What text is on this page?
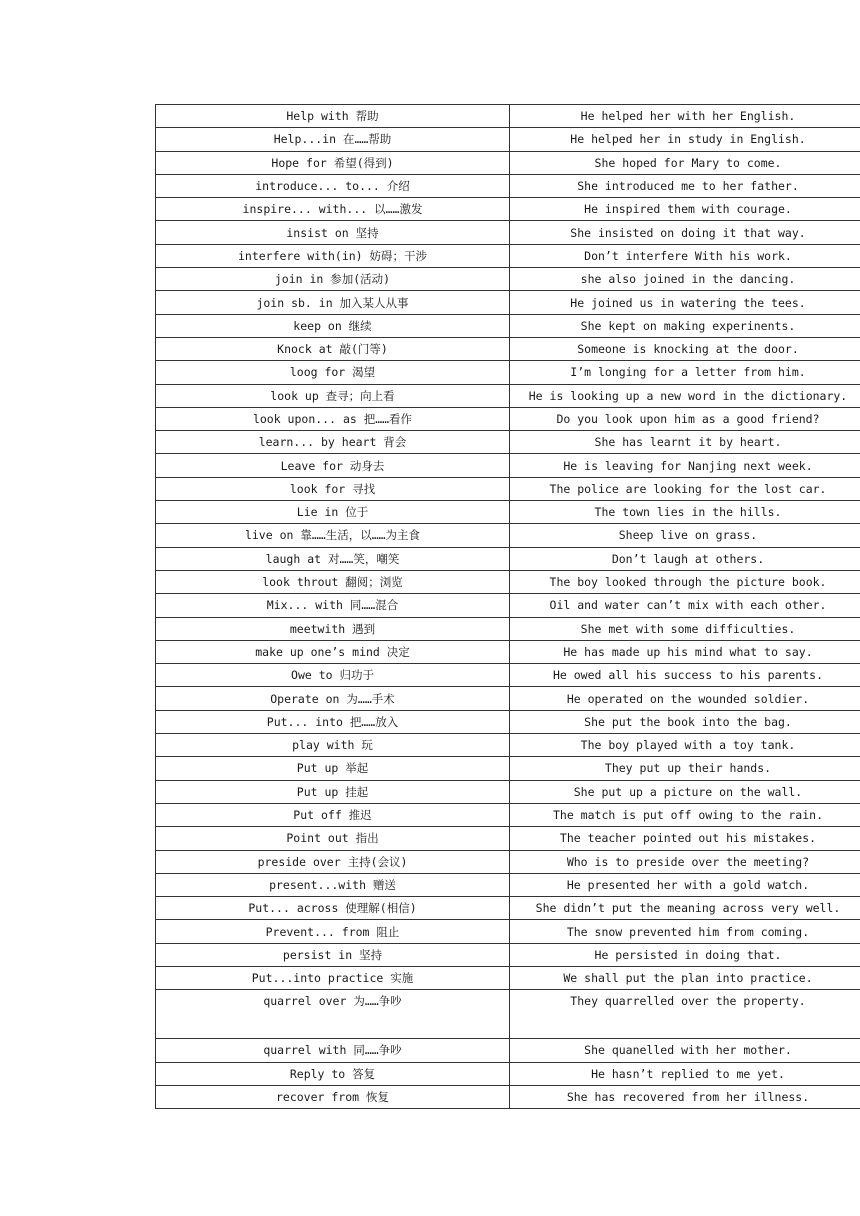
Help with 帮助	He helped her with her English.
Help...in 在……帮助	He helped her in study in English.
Hope for 希望(得到)	She hoped for Mary to come.
introduce... to... 介绍	She introduced me to her father.
inspire... with... 以……激发	He inspired them with courage.
insist on 坚持	She insisted on doing it that way.
interfere with(in) 妨碍；干涉	Don’t interfere With his work.
join in 参加(活动)	she also joined in the dancing.
join sb. in 加入某人从事	He joined us in watering the tees.
keep on 继续	She kept on making experinents.
Knock at 敲(门等)	Someone is knocking at the door.
loog for 渴望	I’m longing for a letter from him.
look up 查寻；向上看	He is looking up a new word in the dictionary.
look upon... as 把……看作	Do you look upon him as a good friend?
learn... by heart 背会	She has learnt it by heart.
Leave for 动身去	He is leaving for Nanjing next week.
look for 寻找	The police are looking for the lost car.
Lie in 位于	The town lies in the hills.
live on 靠……生活，以……为主食	Sheep live on grass.
laugh at 对……笑，嘲笑	Don’t laugh at others.
look throut 翻阅；浏览	The boy looked through the picture book.
Mix... with 同……混合	Oil and water can’t mix with each other.
meetwith 遇到	She met with some difficulties.
make up one’s mind 决定	He has made up his mind what to say.
Owe to 归功于	He owed all his success to his parents.
Operate on 为……手术	He operated on the wounded soldier.
Put... into 把……放入	She put the book into the bag.
play with 玩	The boy played with a toy tank.
Put up 举起	They put up their hands.
Put up 挂起	She put up a picture on the wall.
Put off 推迟	The match is put off owing to the rain.
Point out 指出	The teacher pointed out his mistakes.
preside over 主持(会议)	Who is to preside over the meeting?
present...with 赠送	He presented her with a gold watch.
Put... across 使理解(相信)	She didn’t put the meaning across very well.
Prevent... from 阻止	The snow prevented him from coming.
persist in 坚持	He persisted in doing that.
Put...into practice 实施	We shall put the plan into practice.
quarrel over 为……争吵	They quarrelled over the property.
quarrel with 同……争吵	She quanelled with her mother.
Reply to 答复	He hasn’t replied to me yet.
recover from 恢复	She has recovered from her illness.
